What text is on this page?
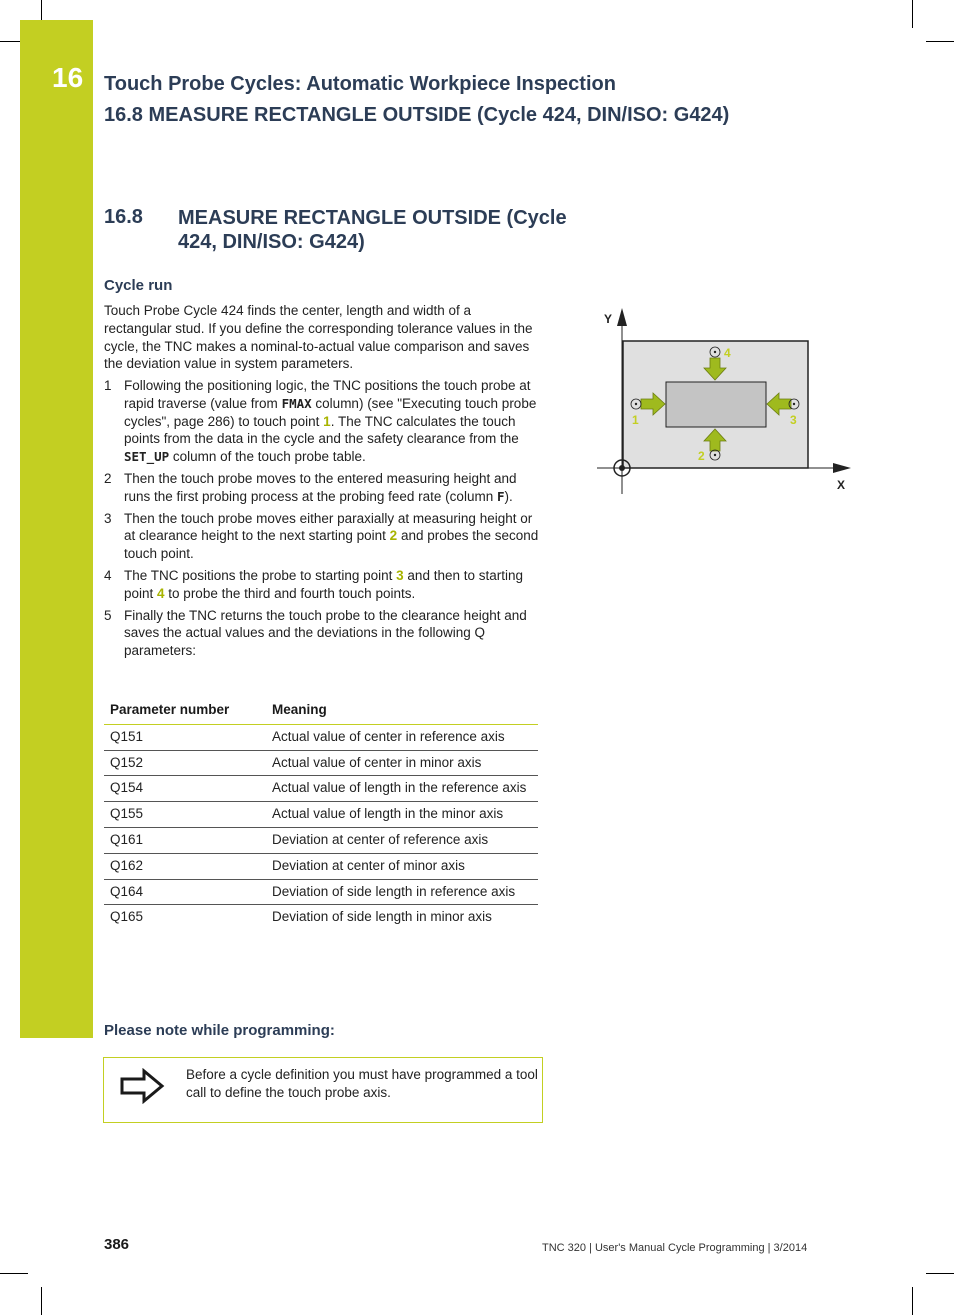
16 Touch Probe Cycles: Automatic Workpiece Inspection
16.8 MEASURE RECTANGLE OUTSIDE (Cycle 424, DIN/ISO: G424)
16.8 MEASURE RECTANGLE OUTSIDE (Cycle 424, DIN/ISO: G424)
Cycle run
Touch Probe Cycle 424 finds the center, length and width of a rectangular stud. If you define the corresponding tolerance values in the cycle, the TNC makes a nominal-to-actual value comparison and saves the deviation value in system parameters.
1 Following the positioning logic, the TNC positions the touch probe at rapid traverse (value from FMAX column) (see "Executing touch probe cycles", page 286) to touch point 1. The TNC calculates the touch points from the data in the cycle and the safety clearance from the SET_UP column of the touch probe table.
2 Then the touch probe moves to the entered measuring height and runs the first probing process at the probing feed rate (column F).
3 Then the touch probe moves either paraxially at measuring height or at clearance height to the next starting point 2 and probes the second touch point.
4 The TNC positions the probe to starting point 3 and then to starting point 4 to probe the third and fourth touch points.
5 Finally the TNC returns the touch probe to the clearance height and saves the actual values and the deviations in the following Q parameters:
Parameter number	Meaning
Q151	Actual value of center in reference axis
Q152	Actual value of center in minor axis
Q154	Actual value of length in the reference axis
Q155	Actual value of length in the minor axis
Q161	Deviation at center of reference axis
Q162	Deviation at center of minor axis
Q164	Deviation of side length in reference axis
Q165	Deviation of side length in minor axis
Please note while programming:
Before a cycle definition you must have programmed a tool call to define the touch probe axis.
Y
X
1
2
3
4
386	TNC 320 | User's Manual Cycle Programming | 3/2014
